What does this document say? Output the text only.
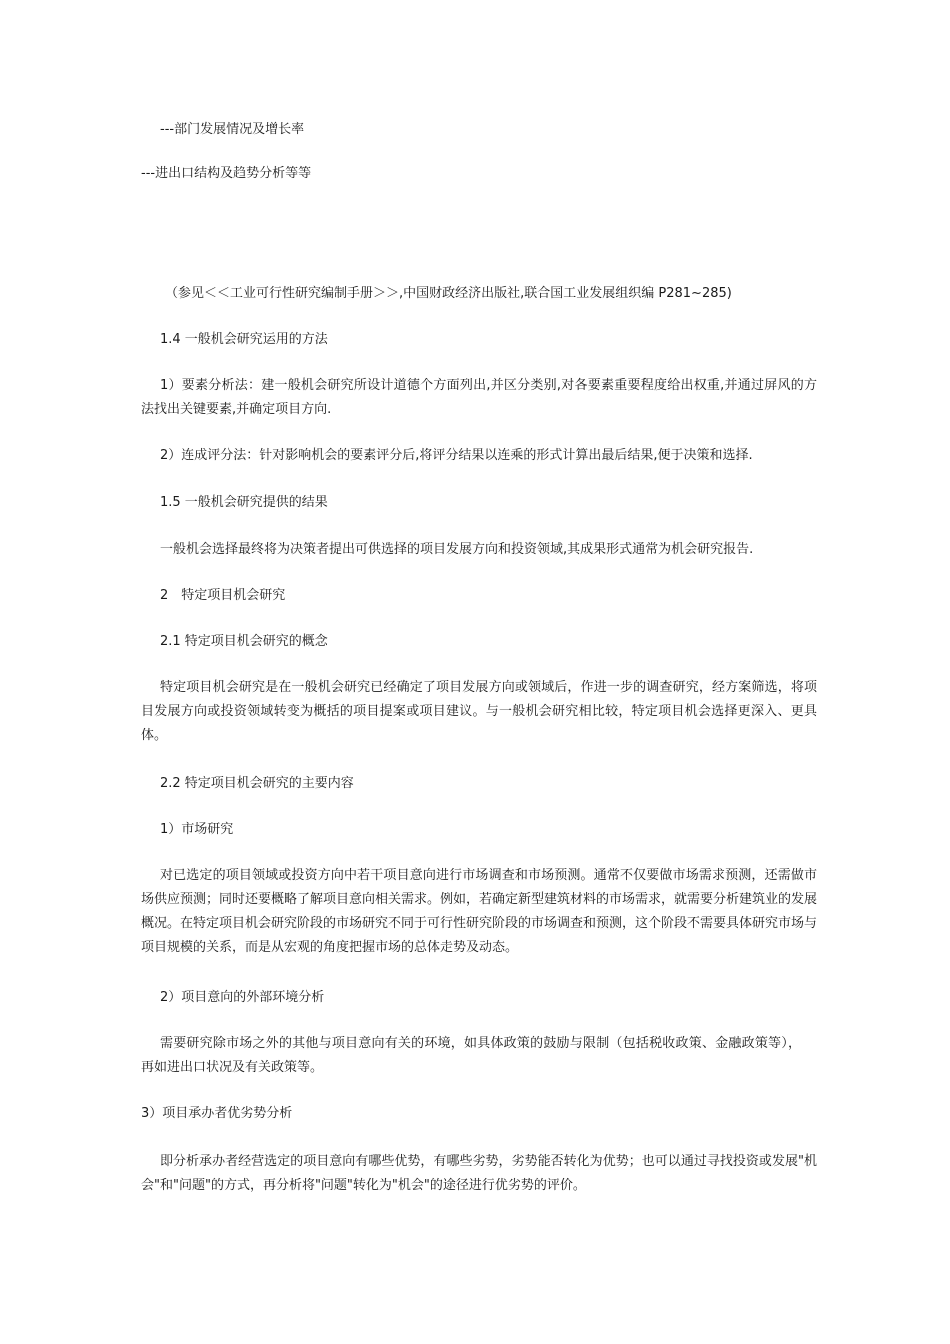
---部门发展情况及增长率

---进出口结构及趋势分析等等

（参见＜＜工业可行性研究编制手册＞＞,中国财政经济出版社,联合国工业发展组织编 P281~285)

1.4 一般机会研究运用的方法

1）要素分析法：建一般机会研究所设计道德个方面列出,并区分类别,对各要素重要程度给出权重,并通过屏风的方法找出关键要素,并确定项目方向.

2）连成评分法：针对影响机会的要素评分后,将评分结果以连乘的形式计算出最后结果,便于决策和选择.

1.5 一般机会研究提供的结果

一般机会选择最终将为决策者提出可供选择的项目发展方向和投资领域,其成果形式通常为机会研究报告.

2　特定项目机会研究

2.1 特定项目机会研究的概念

特定项目机会研究是在一般机会研究已经确定了项目发展方向或领域后，作进一步的调查研究，经方案筛选，将项目发展方向或投资领域转变为概括的项目提案或项目建议。与一般机会研究相比较，特定项目机会选择更深入、更具体。

2.2 特定项目机会研究的主要内容

1）市场研究

对已选定的项目领域或投资方向中若干项目意向进行市场调查和市场预测。通常不仅要做市场需求预测，还需做市场供应预测；同时还要概略了解项目意向相关需求。例如，若确定新型建筑材料的市场需求，就需要分析建筑业的发展概况。在特定项目机会研究阶段的市场研究不同于可行性研究阶段的市场调查和预测，这个阶段不需要具体研究市场与项目规模的关系，而是从宏观的角度把握市场的总体走势及动态。

2）项目意向的外部环境分析

需要研究除市场之外的其他与项目意向有关的环境，如具体政策的鼓励与限制（包括税收政策、金融政策等），再如进出口状况及有关政策等。

3）项目承办者优劣势分析

即分析承办者经营选定的项目意向有哪些优势，有哪些劣势，劣势能否转化为优势；也可以通过寻找投资或发展"机会"和"问题"的方式，再分析将"问题"转化为"机会"的途径进行优劣势的评价。
